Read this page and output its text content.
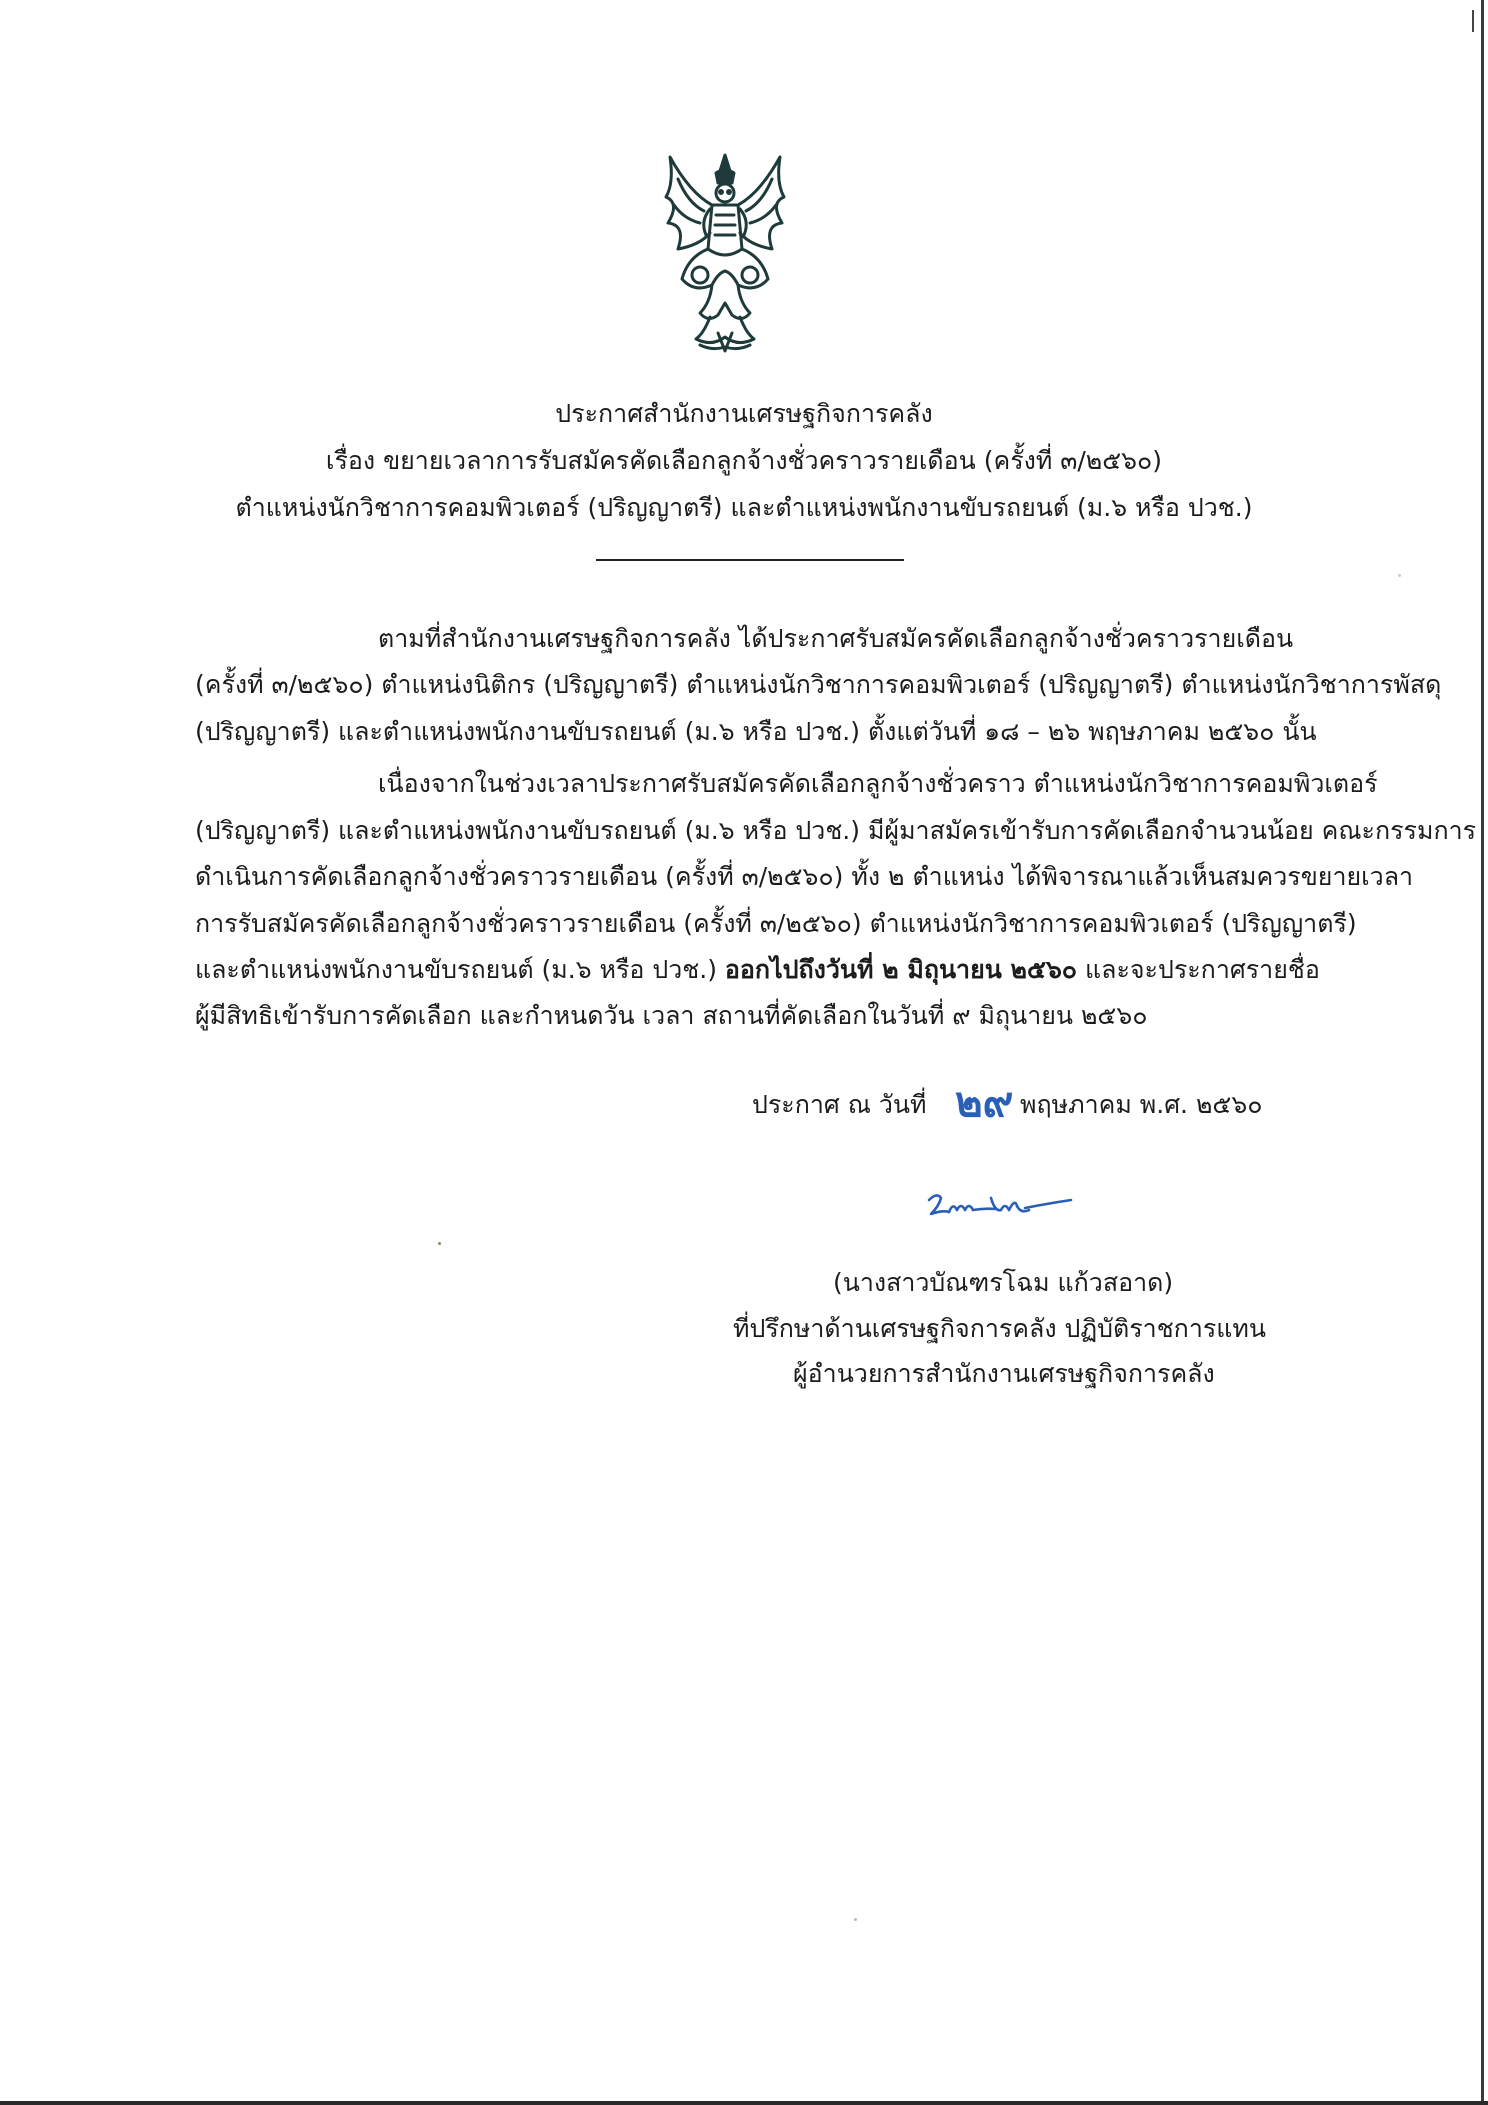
ประกาศสำนักงานเศรษฐกิจการคลัง
เรื่อง ขยายเวลาการรับสมัครคัดเลือกลูกจ้างชั่วคราวรายเดือน (ครั้งที่ ๓/๒๕๖๐)
ตำแหน่งนักวิชาการคอมพิวเตอร์ (ปริญญาตรี) และตำแหน่งพนักงานขับรถยนต์ (ม.๖ หรือ ปวช.)
ตามที่สำนักงานเศรษฐกิจการคลัง ได้ประกาศรับสมัครคัดเลือกลูกจ้างชั่วคราวรายเดือน
(ครั้งที่ ๓/๒๕๖๐) ตำแหน่งนิติกร (ปริญญาตรี) ตำแหน่งนักวิชาการคอมพิวเตอร์ (ปริญญาตรี) ตำแหน่งนักวิชาการพัสดุ
(ปริญญาตรี) และตำแหน่งพนักงานขับรถยนต์ (ม.๖ หรือ ปวช.) ตั้งแต่วันที่ ๑๘ – ๒๖ พฤษภาคม ๒๕๖๐ นั้น
เนื่องจากในช่วงเวลาประกาศรับสมัครคัดเลือกลูกจ้างชั่วคราว ตำแหน่งนักวิชาการคอมพิวเตอร์
(ปริญญาตรี) และตำแหน่งพนักงานขับรถยนต์ (ม.๖ หรือ ปวช.) มีผู้มาสมัครเข้ารับการคัดเลือกจำนวนน้อย คณะกรรมการ
ดำเนินการคัดเลือกลูกจ้างชั่วคราวรายเดือน (ครั้งที่ ๓/๒๕๖๐) ทั้ง ๒ ตำแหน่ง ได้พิจารณาแล้วเห็นสมควรขยายเวลา
การรับสมัครคัดเลือกลูกจ้างชั่วคราวรายเดือน (ครั้งที่ ๓/๒๕๖๐) ตำแหน่งนักวิชาการคอมพิวเตอร์ (ปริญญาตรี)
และตำแหน่งพนักงานขับรถยนต์ (ม.๖ หรือ ปวช.) ออกไปถึงวันที่ ๒ มิถุนายน ๒๕๖๐ และจะประกาศรายชื่อ
ผู้มีสิทธิเข้ารับการคัดเลือก และกำหนดวัน เวลา สถานที่คัดเลือกในวันที่ ๙ มิถุนายน ๒๕๖๐
ประกาศ ณ วันที่ ๒๙ พฤษภาคม พ.ศ. ๒๕๖๐
(นางสาวบัณฑรโฉม แก้วสอาด)
ที่ปรึกษาด้านเศรษฐกิจการคลัง ปฏิบัติราชการแทน
ผู้อำนวยการสำนักงานเศรษฐกิจการคลัง
